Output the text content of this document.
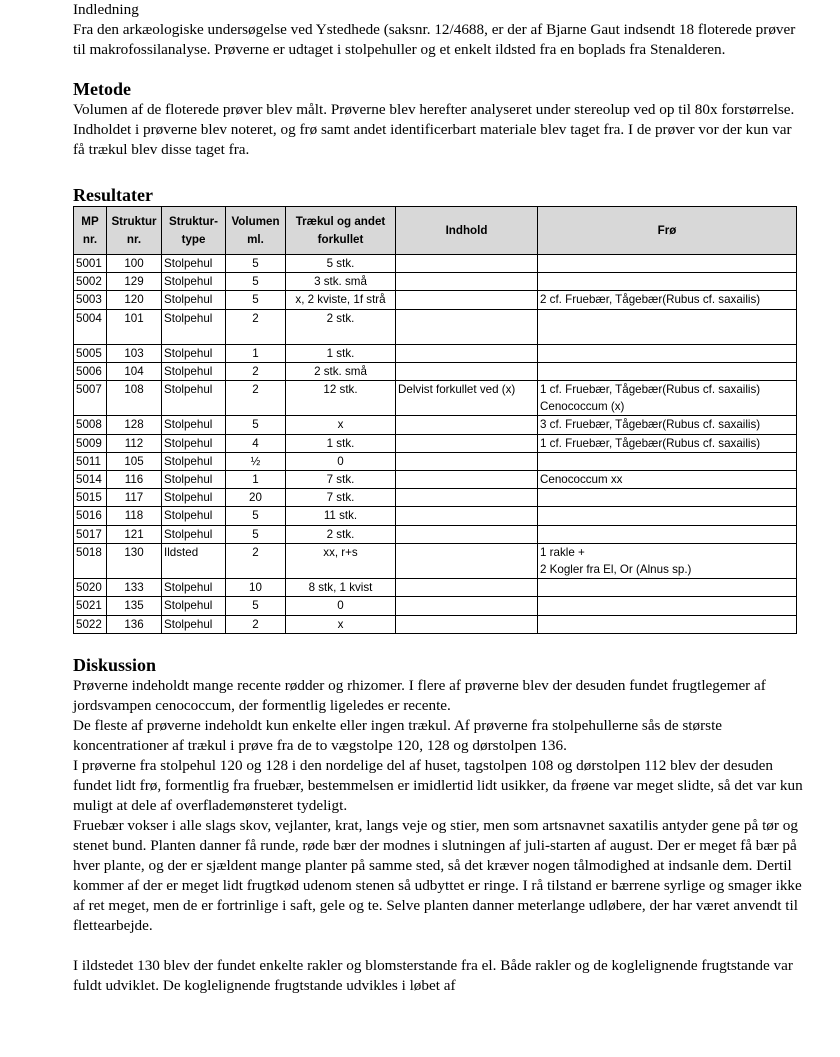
Indledning

Fra den arkæologiske undersøgelse ved Ystedhede (saksnr. 12/4688, er der af Bjarne Gaut indsendt 18 floterede prøver til makrofossilanalyse. Prøverne er udtaget i stolpehuller og et enkelt ildsted fra en boplads fra Stenalderen.

Metode

Volumen af de floterede prøver blev målt. Prøverne blev herefter analyseret under stereolup ved op til 80x forstørrelse. Indholdet i prøverne blev noteret, og frø samt andet identificerbart materiale blev taget fra. I de prøver vor der kun var få trækul blev disse taget fra.

Resultater
MP nr.	Struktur nr.	Struktur-type	Volumen ml.	Trækul og andet forkullet	Indhold	Frø
5001	100	Stolpehul	5	5 stk.		
5002	129	Stolpehul	5	3 stk. små		
5003	120	Stolpehul	5	x, 2 kviste, 1f strå		2 cf. Fruebær, Tågebær(Rubus cf. saxailis)
5004	101	Stolpehul	2	2 stk.		
5005	103	Stolpehul	1	1 stk.		
5006	104	Stolpehul	2	2 stk. små		
5007	108	Stolpehul	2	12 stk.	Delvist forkullet ved (x)	1 cf. Fruebær, Tågebær(Rubus cf. saxailis)
Cenococcum (x)
5008	128	Stolpehul	5	x		3 cf. Fruebær, Tågebær(Rubus cf. saxailis)
5009	112	Stolpehul	4	1 stk.		1 cf. Fruebær, Tågebær(Rubus cf. saxailis)
5011	105	Stolpehul	½	0		
5014	116	Stolpehul	1	7 stk.		Cenococcum xx
5015	117	Stolpehul	20	7 stk.		
5016	118	Stolpehul	5	11 stk.		
5017	121	Stolpehul	5	2 stk.		
5018	130	Ildsted	2	xx, r+s		1 rakle +
2 Kogler fra El, Or (Alnus sp.)
5020	133	Stolpehul	10	8 stk, 1 kvist		
5021	135	Stolpehul	5	0		
5022	136	Stolpehul	2	x		
Diskussion

Prøverne indeholdt mange recente rødder og rhizomer. I flere af prøverne blev der desuden fundet frugtlegemer af jordsvampen cenococcum, der formentlig ligeledes er recente.

De fleste af prøverne indeholdt kun enkelte eller ingen trækul. Af prøverne fra stolpehullerne sås de største koncentrationer af trækul i prøve fra de to vægstolpe 120, 128 og dørstolpen 136.

I prøverne fra stolpehul 120 og 128 i den nordelige del af huset, tagstolpen 108 og dørstolpen 112 blev der desuden fundet lidt frø, formentlig fra fruebær, bestemmelsen er imidlertid lidt usikker, da frøene var meget slidte, så det var kun muligt at dele af overflademønsteret tydeligt.

Fruebær vokser i alle slags skov, vejlanter, krat, langs veje og stier, men som artsnavnet saxatilis antyder gene på tør og stenet bund. Planten danner få runde, røde bær der modnes i slutningen af juli-starten af august. Der er meget få bær på hver plante, og der er sjældent mange planter på samme sted, så det kræver nogen tålmodighed at indsanle dem. Dertil kommer af der er meget lidt frugtkød udenom stenen så udbyttet er ringe. I rå tilstand er bærrene syrlige og smager ikke af ret meget, men de er fortrinlige i saft, gele og te. Selve planten danner meterlange udløbere, der har været anvendt til flettearbejde.

I ildstedet 130 blev der fundet enkelte rakler og blomsterstande fra el. Både rakler og de koglelignende frugtstande var fuldt udviklet. De koglelignende frugtstande udvikles i løbet af
